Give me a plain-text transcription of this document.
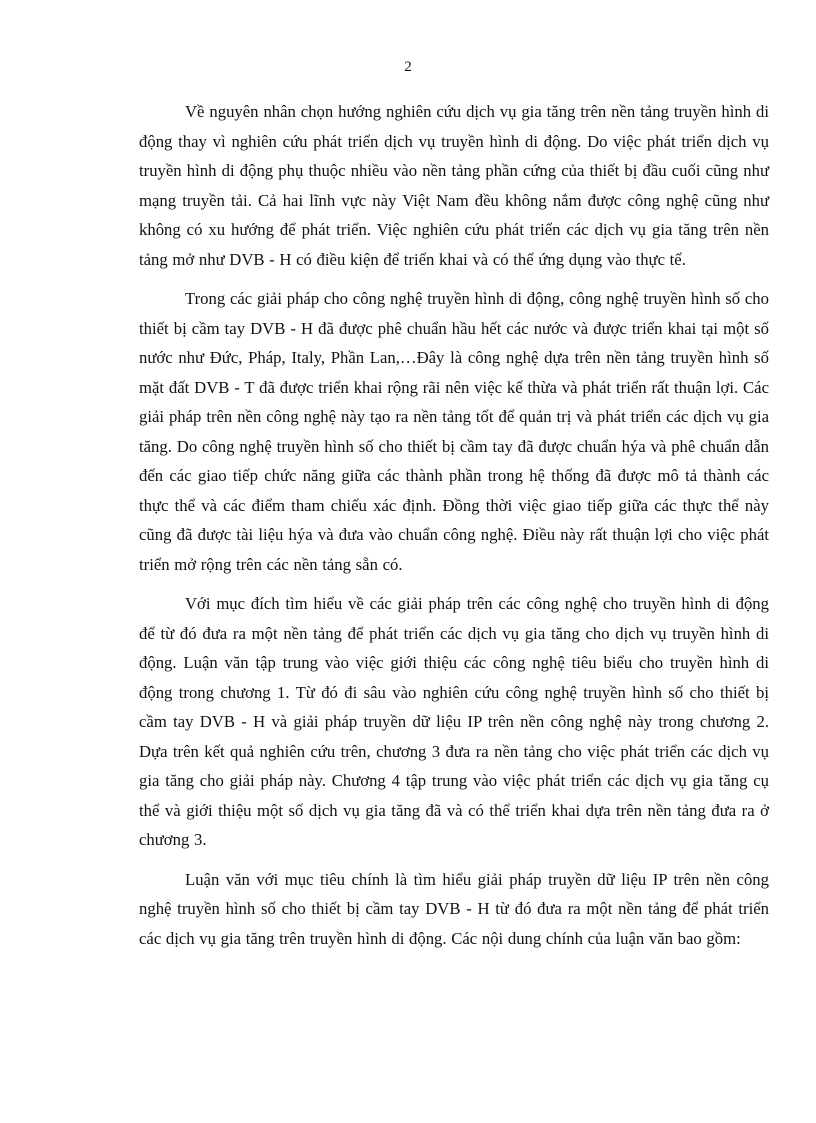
2

Về nguyên nhân chọn hướng nghiên cứu dịch vụ gia tăng trên nền tảng truyền hình di động thay vì nghiên cứu phát triển dịch vụ truyền hình di động. Do việc phát triển dịch vụ truyền hình di động phụ thuộc nhiều vào nền tảng phần cứng của thiết bị đầu cuối cũng như mạng truyền tải. Cả hai lĩnh vực này Việt Nam đều không nắm được công nghệ cũng như không có xu hướng để phát triển. Việc nghiên cứu phát triển các dịch vụ gia tăng trên nền tảng mở như DVB - H có điều kiện để triển khai và có thể ứng dụng vào thực tế.

Trong các giải pháp cho công nghệ truyền hình di động, công nghệ truyền hình số cho thiết bị cầm tay DVB - H đã được phê chuẩn hầu hết các nước và được triển khai tại một số nước như Đức, Pháp, Italy, Phần Lan,…Đây là công nghệ dựa trên nền tảng truyền hình số mặt đất DVB - T đã được triển khai rộng rãi nên việc kế thừa và phát triển rất thuận lợi. Các giải pháp trên nền công nghệ này tạo ra nền tảng tốt để quản trị và phát triển các dịch vụ gia tăng. Do công nghệ truyền hình số cho thiết bị cầm tay đã được chuẩn hýa và phê chuẩn dẫn đến các giao tiếp chức năng giữa các thành phần trong hệ thống đã được mô tả thành các thực thể và các điểm tham chiếu xác định. Đồng thời việc giao tiếp giữa các thực thể này cũng đã được tài liệu hýa và đưa vào chuẩn công nghệ. Điều này rất thuận lợi cho việc phát triển mở rộng trên các nền tảng sẵn có.

Với mục đích tìm hiểu về các giải pháp trên các công nghệ cho truyền hình di động để từ đó đưa ra một nền tảng để phát triển các dịch vụ gia tăng cho dịch vụ truyền hình di động. Luận văn tập trung vào việc giới thiệu các công nghệ tiêu biểu cho truyền hình di động trong chương 1. Từ đó đi sâu vào nghiên cứu công nghệ truyền hình số cho thiết bị cầm tay DVB - H và giải pháp truyền dữ liệu IP trên nền công nghệ này trong chương 2. Dựa trên kết quả nghiên cứu trên, chương 3 đưa ra nền tảng cho việc phát triển các dịch vụ gia tăng cho giải pháp này. Chương 4 tập trung vào việc phát triển các dịch vụ gia tăng cụ thể và giới thiệu một số dịch vụ gia tăng đã và có thể triển khai dựa trên nền tảng đưa ra ở chương 3.

Luận văn với mục tiêu chính là tìm hiểu giải pháp truyền dữ liệu IP trên nền công nghệ truyền hình số cho thiết bị cầm tay DVB - H từ đó đưa ra một nền tảng để phát triển các dịch vụ gia tăng trên truyền hình di động. Các nội dung chính của luận văn bao gồm:
